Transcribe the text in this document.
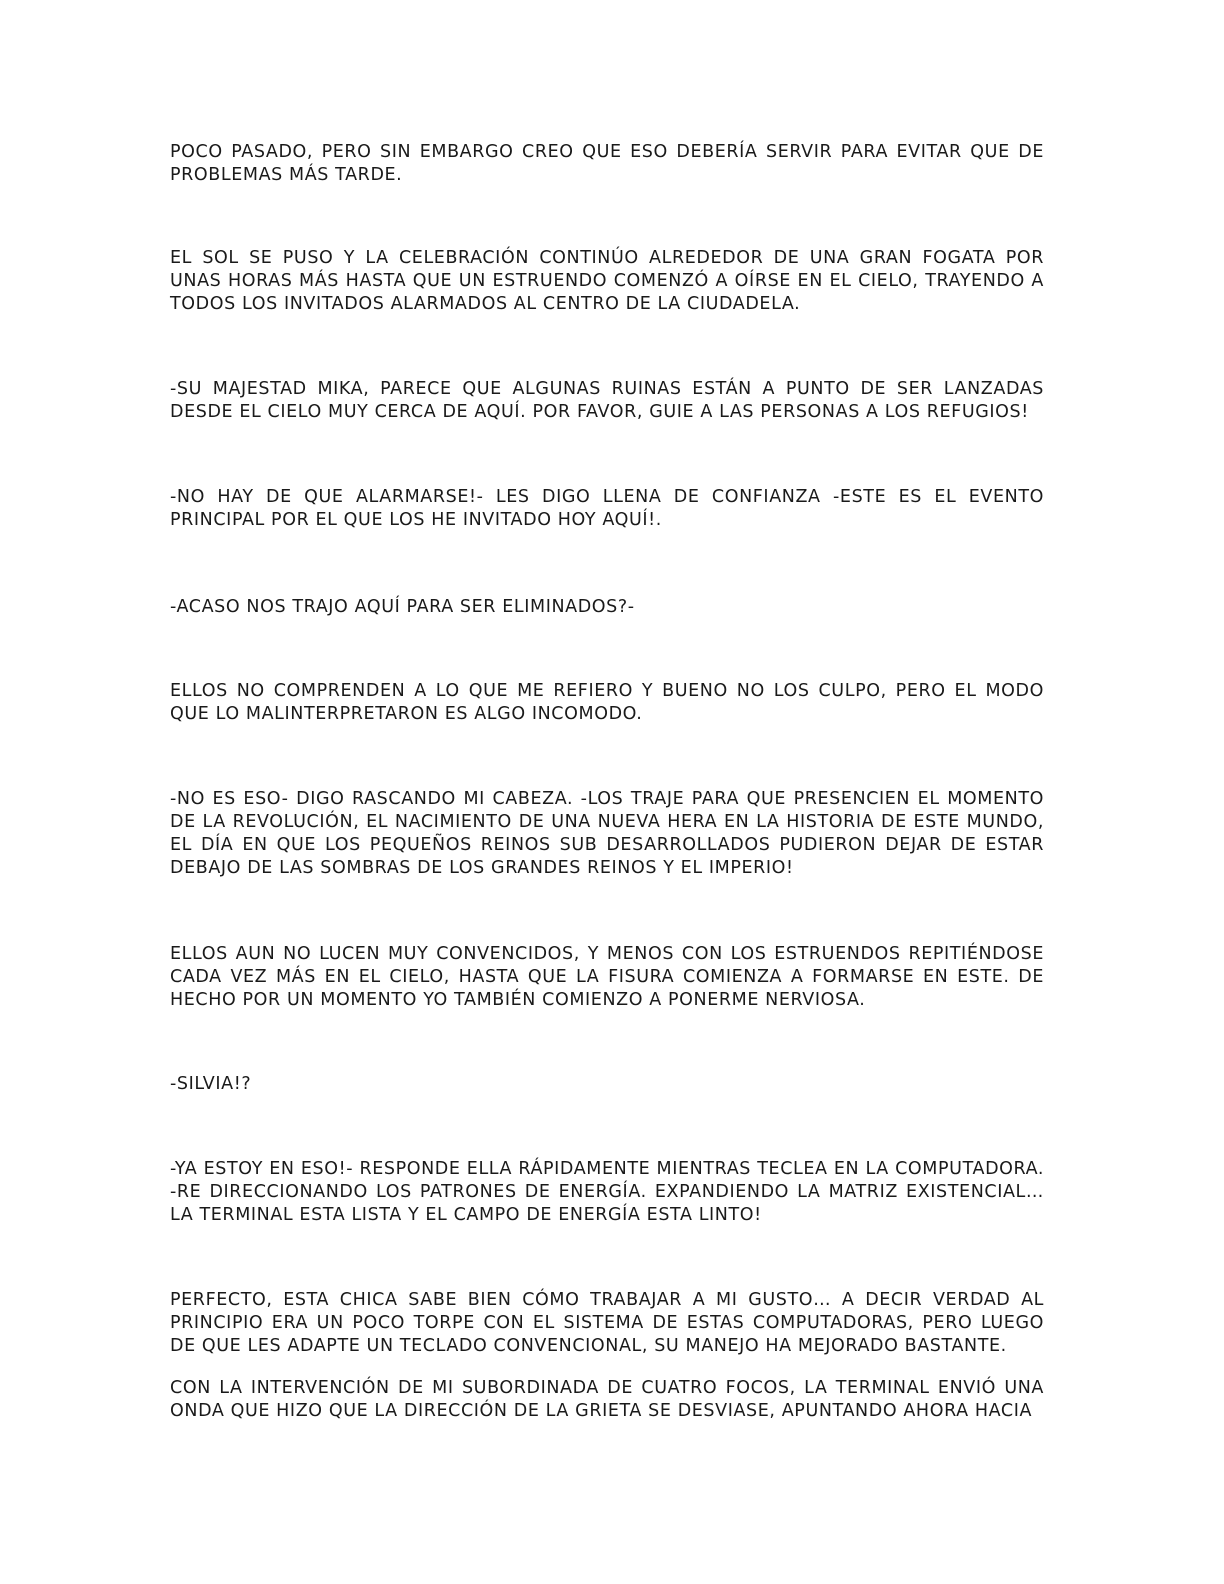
POCO PASADO, PERO SIN EMBARGO CREO QUE ESO DEBERÍA SERVIR PARA EVITAR QUE DE PROBLEMAS MÁS TARDE.

EL SOL SE PUSO Y LA CELEBRACIÓN CONTINÚO ALREDEDOR DE UNA GRAN FOGATA POR UNAS HORAS MÁS HASTA QUE UN ESTRUENDO COMENZÓ A OÍRSE EN EL CIELO, TRAYENDO A TODOS LOS INVITADOS ALARMADOS AL CENTRO DE LA CIUDADELA.

-SU MAJESTAD MIKA, PARECE QUE ALGUNAS RUINAS ESTÁN A PUNTO DE SER LANZADAS DESDE EL CIELO MUY CERCA DE AQUÍ. POR FAVOR, GUIE A LAS PERSONAS A LOS REFUGIOS!

-NO HAY DE QUE ALARMARSE!- LES DIGO LLENA DE CONFIANZA -ESTE ES EL EVENTO PRINCIPAL POR EL QUE LOS HE INVITADO HOY AQUÍ!.

-ACASO NOS TRAJO AQUÍ PARA SER ELIMINADOS?-

ELLOS NO COMPRENDEN A LO QUE ME REFIERO Y BUENO NO LOS CULPO, PERO EL MODO QUE LO MALINTERPRETARON ES ALGO INCOMODO.

-NO ES ESO- DIGO RASCANDO MI CABEZA. -LOS TRAJE PARA QUE PRESENCIEN EL MOMENTO DE LA REVOLUCIÓN, EL NACIMIENTO DE UNA NUEVA HERA EN LA HISTORIA DE ESTE MUNDO, EL DÍA EN QUE LOS PEQUEÑOS REINOS SUB DESARROLLADOS PUDIERON DEJAR DE ESTAR DEBAJO DE LAS SOMBRAS DE LOS GRANDES REINOS Y EL IMPERIO!

ELLOS AUN NO LUCEN MUY CONVENCIDOS, Y MENOS CON LOS ESTRUENDOS REPITIÉNDOSE CADA VEZ MÁS EN EL CIELO, HASTA QUE LA FISURA COMIENZA A FORMARSE EN ESTE. DE HECHO POR UN MOMENTO YO TAMBIÉN COMIENZO A PONERME NERVIOSA.

-SILVIA!?

-YA ESTOY EN ESO!- RESPONDE ELLA RÁPIDAMENTE MIENTRAS TECLEA EN LA COMPUTADORA. -RE DIRECCIONANDO LOS PATRONES DE ENERGÍA. EXPANDIENDO LA MATRIZ EXISTENCIAL… LA TERMINAL ESTA LISTA Y EL CAMPO DE ENERGÍA ESTA LINTO!

PERFECTO, ESTA CHICA SABE BIEN CÓMO TRABAJAR A MI GUSTO… A DECIR VERDAD AL PRINCIPIO ERA UN POCO TORPE CON EL SISTEMA DE ESTAS COMPUTADORAS, PERO LUEGO DE QUE LES ADAPTE UN TECLADO CONVENCIONAL, SU MANEJO HA MEJORADO BASTANTE.

CON LA INTERVENCIÓN DE MI SUBORDINADA DE CUATRO FOCOS, LA TERMINAL ENVIÓ UNA ONDA QUE HIZO QUE LA DIRECCIÓN DE LA GRIETA SE DESVIASE, APUNTANDO AHORA HACIA
